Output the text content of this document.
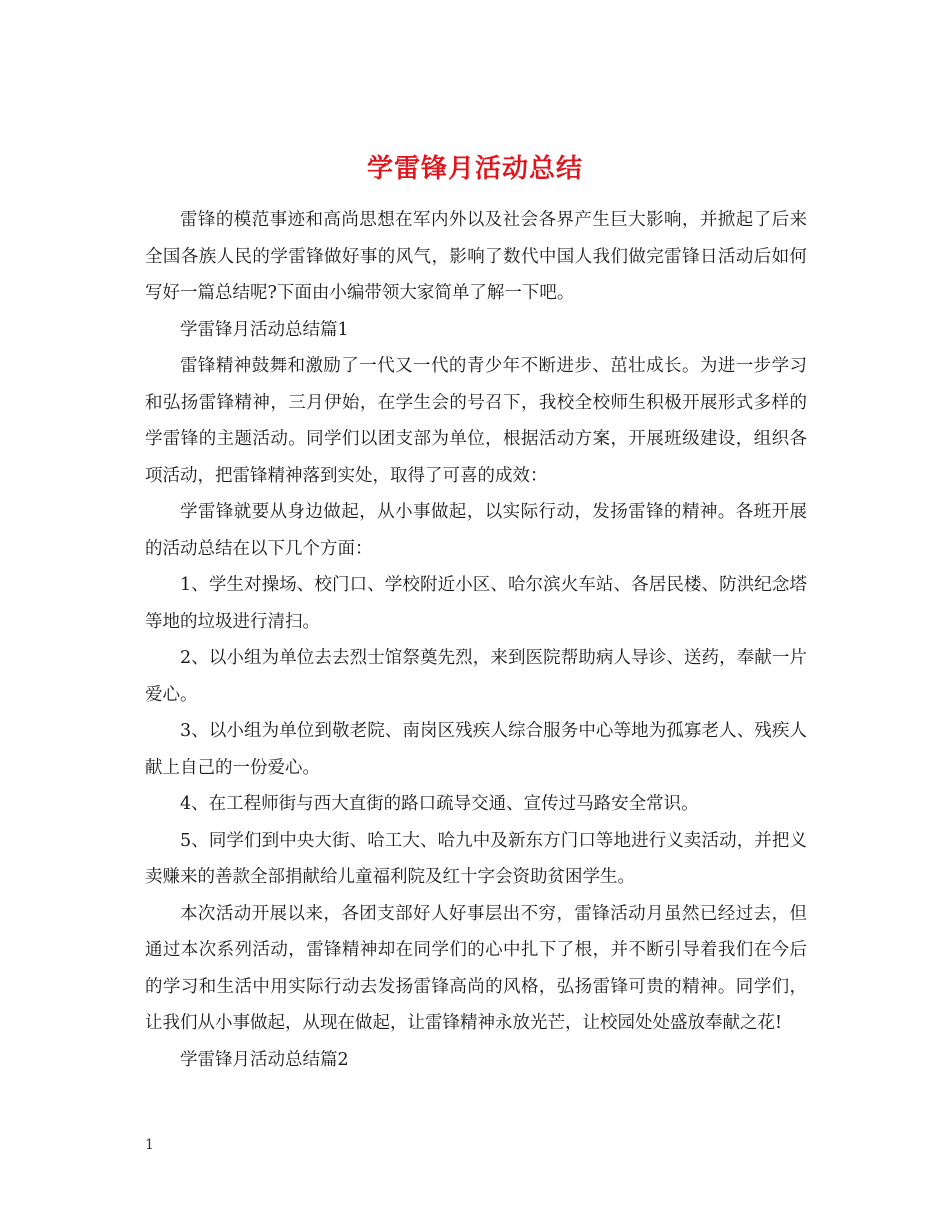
学雷锋月活动总结

雷锋的模范事迹和高尚思想在军内外以及社会各界产生巨大影响，并掀起了后来全国各族人民的学雷锋做好事的风气，影响了数代中国人我们做完雷锋日活动后如何写好一篇总结呢?下面由小编带领大家简单了解一下吧。

学雷锋月活动总结篇1

雷锋精神鼓舞和激励了一代又一代的青少年不断进步、茁壮成长。为进一步学习和弘扬雷锋精神，三月伊始，在学生会的号召下，我校全校师生积极开展形式多样的学雷锋的主题活动。同学们以团支部为单位，根据活动方案，开展班级建设，组织各项活动，把雷锋精神落到实处，取得了可喜的成效：

学雷锋就要从身边做起，从小事做起，以实际行动，发扬雷锋的精神。各班开展的活动总结在以下几个方面：

1、学生对操场、校门口、学校附近小区、哈尔滨火车站、各居民楼、防洪纪念塔等地的垃圾进行清扫。

2、以小组为单位去去烈士馆祭奠先烈，来到医院帮助病人导诊、送药，奉献一片爱心。

3、以小组为单位到敬老院、南岗区残疾人综合服务中心等地为孤寡老人、残疾人献上自己的一份爱心。

4、在工程师街与西大直街的路口疏导交通、宣传过马路安全常识。

5、同学们到中央大街、哈工大、哈九中及新东方门口等地进行义卖活动，并把义卖赚来的善款全部捐献给儿童福利院及红十字会资助贫困学生。

本次活动开展以来，各团支部好人好事层出不穷，雷锋活动月虽然已经过去，但通过本次系列活动，雷锋精神却在同学们的心中扎下了根，并不断引导着我们在今后的学习和生活中用实际行动去发扬雷锋高尚的风格，弘扬雷锋可贵的精神。同学们，让我们从小事做起，从现在做起，让雷锋精神永放光芒，让校园处处盛放奉献之花!

学雷锋月活动总结篇2

1
